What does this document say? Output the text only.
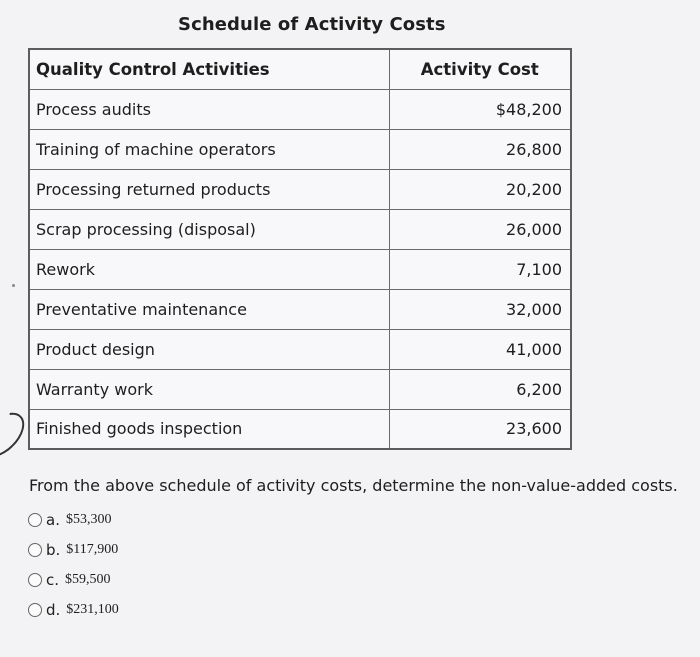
Schedule of Activity Costs
Quality Control Activities	Activity Cost
Process audits	$48,200
Training of machine operators	26,800
Processing returned products	20,200
Scrap processing (disposal)	26,000
Rework	7,100
Preventative maintenance	32,000
Product design	41,000
Warranty work	6,200
Finished goods inspection	23,600
From the above schedule of activity costs, determine the non-value-added costs.
a. $53,300
b. $117,900
c. $59,500
d. $231,100
